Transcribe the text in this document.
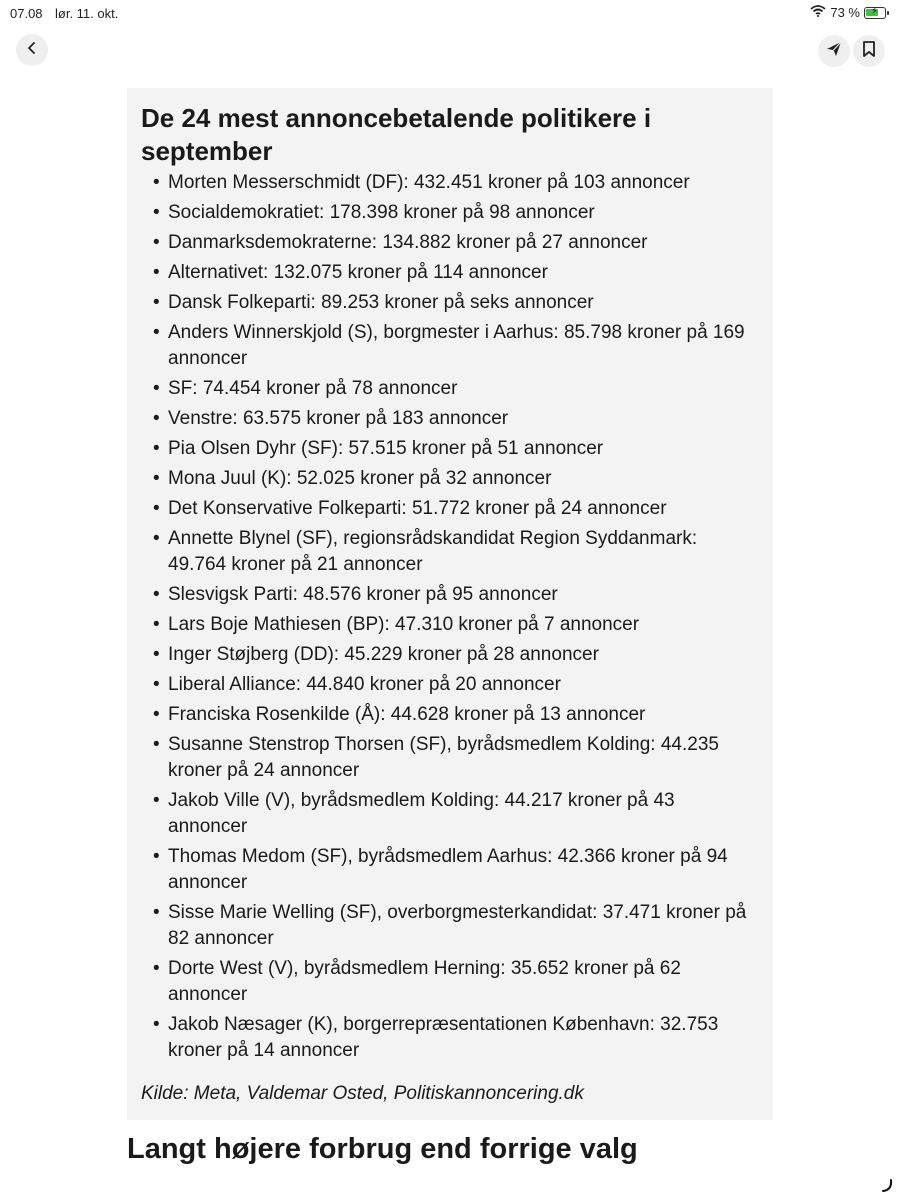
07.08 lør. 11. okt.	73 % ⚡
De 24 mest annoncebetalende politikere i september
• Morten Messerschmidt (DF): 432.451 kroner på 103 annoncer
• Socialdemokratiet: 178.398 kroner på 98 annoncer
• Danmarksdemokraterne: 134.882 kroner på 27 annoncer
• Alternativet: 132.075 kroner på 114 annoncer
• Dansk Folkeparti: 89.253 kroner på seks annoncer
• Anders Winnerskjold (S), borgmester i Aarhus: 85.798 kroner på 169 annoncer
• SF: 74.454 kroner på 78 annoncer
• Venstre: 63.575 kroner på 183 annoncer
• Pia Olsen Dyhr (SF): 57.515 kroner på 51 annoncer
• Mona Juul (K): 52.025 kroner på 32 annoncer
• Det Konservative Folkeparti: 51.772 kroner på 24 annoncer
• Annette Blynel (SF), regionsrådskandidat Region Syddanmark: 49.764 kroner på 21 annoncer
• Slesvigsk Parti: 48.576 kroner på 95 annoncer
• Lars Boje Mathiesen (BP): 47.310 kroner på 7 annoncer
• Inger Støjberg (DD): 45.229 kroner på 28 annoncer
• Liberal Alliance: 44.840 kroner på 20 annoncer
• Franciska Rosenkilde (Å): 44.628 kroner på 13 annoncer
• Susanne Stenstrop Thorsen (SF), byrådsmedlem Kolding: 44.235 kroner på 24 annoncer
• Jakob Ville (V), byrådsmedlem Kolding: 44.217 kroner på 43 annoncer
• Thomas Medom (SF), byrådsmedlem Aarhus: 42.366 kroner på 94 annoncer
• Sisse Marie Welling (SF), overborgmesterkandidat: 37.471 kroner på 82 annoncer
• Dorte West (V), byrådsmedlem Herning: 35.652 kroner på 62 annoncer
• Jakob Næsager (K), borgerrepræsentationen København: 32.753 kroner på 14 annoncer
Kilde: Meta, Valdemar Osted, Politiskannoncering.dk
Langt højere forbrug end forrige valg
